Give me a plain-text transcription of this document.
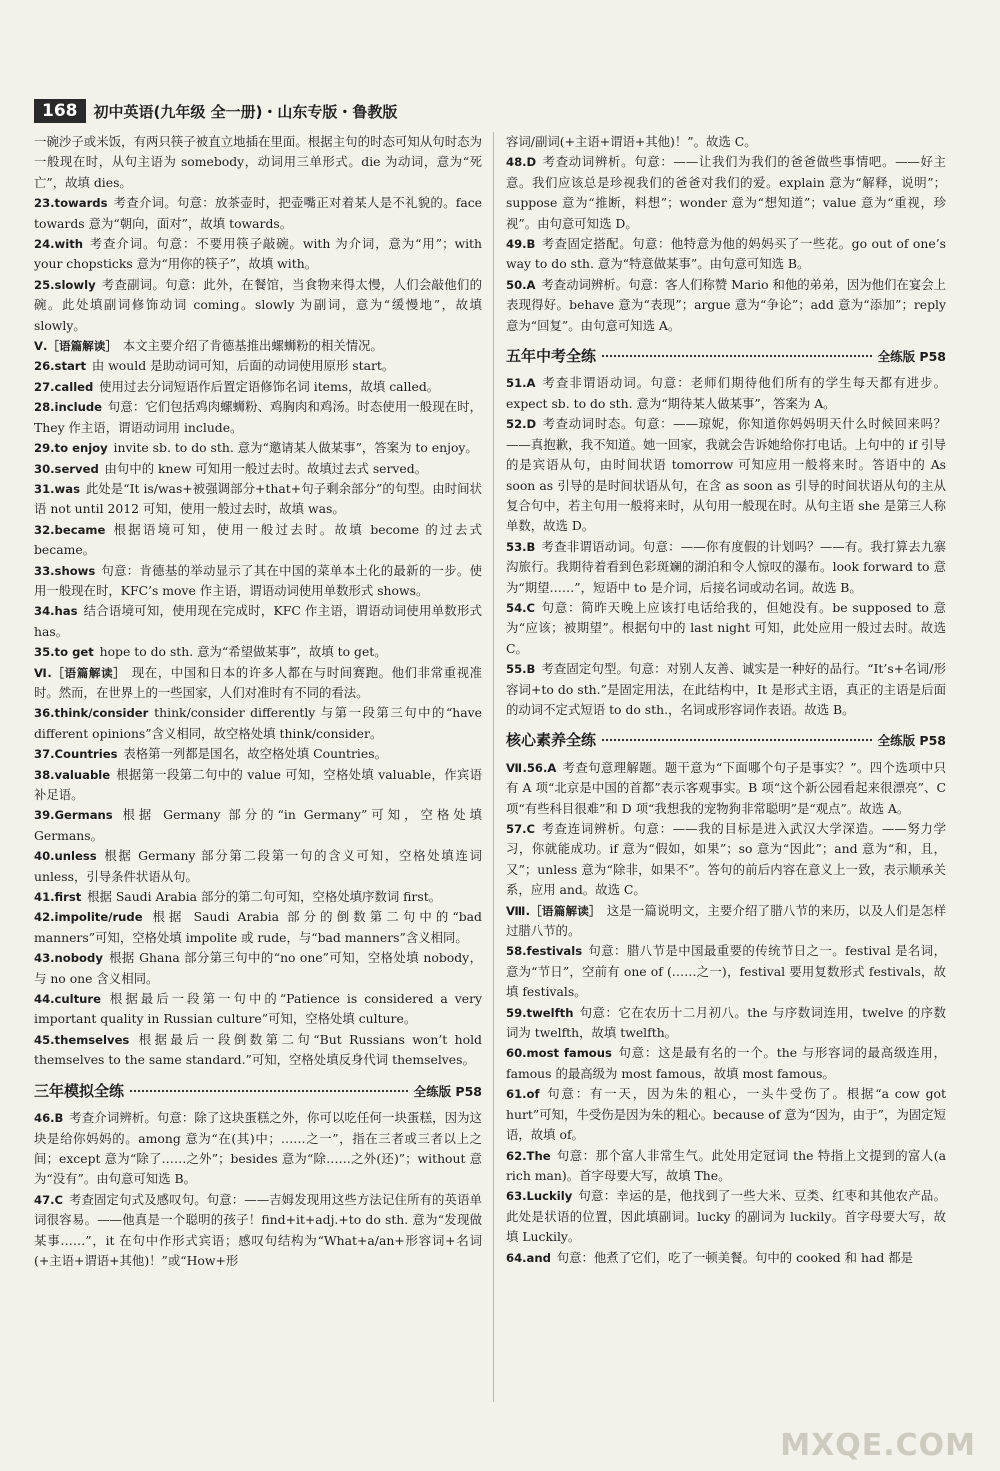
168	初中英语(九年级 全一册)・山东专版・鲁教版

一碗沙子或米饭，有两只筷子被直立地插在里面。根据主句的时态可知从句时态为一般现在时，从句主语为 somebody，动词用三单形式。die 为动词，意为“死亡”，故填 dies。

23.towards 考查介词。句意：放茶壶时，把壶嘴正对着某人是不礼貌的。face towards 意为“朝向，面对”，故填 towards。

24.with 考查介词。句意：不要用筷子敲碗。with 为介词，意为“用”；with your chopsticks 意为“用你的筷子”，故填 with。

25.slowly 考查副词。句意：此外，在餐馆，当食物来得太慢，人们会敲他们的碗。此处填副词修饰动词 coming。slowly 为副词，意为“缓慢地”，故填 slowly。

Ⅴ.［语篇解读］ 本文主要介绍了肯德基推出螺蛳粉的相关情况。

26.start 由 would 是助动词可知，后面的动词使用原形 start。

27.called 使用过去分词短语作后置定语修饰名词 items，故填 called。

28.include 句意：它们包括鸡肉螺蛳粉、鸡胸肉和鸡汤。时态使用一般现在时，They 作主语，谓语动词用 include。

29.to enjoy invite sb. to do sth. 意为“邀请某人做某事”，答案为 to enjoy。

30.served 由句中的 knew 可知用一般过去时。故填过去式 served。

31.was 此处是“It is/was+被强调部分+that+句子剩余部分”的句型。由时间状语 not until 2012 可知，使用一般过去时，故填 was。

32.became 根据语境可知，使用一般过去时。故填 become 的过去式 became。

33.shows 句意：肯德基的举动显示了其在中国的菜单本土化的最新的一步。使用一般现在时，KFC’s move 作主语，谓语动词使用单数形式 shows。

34.has 结合语境可知，使用现在完成时，KFC 作主语，谓语动词使用单数形式 has。

35.to get hope to do sth. 意为“希望做某事”，故填 to get。

Ⅵ.［语篇解读］ 现在，中国和日本的许多人都在与时间赛跑。他们非常重视准时。然而，在世界上的一些国家，人们对准时有不同的看法。

36.think/consider think/consider differently 与第一段第三句中的“have different opinions”含义相同，故空格处填 think/consider。

37.Countries 表格第一列都是国名，故空格处填 Countries。

38.valuable 根据第一段第二句中的 value 可知，空格处填 valuable，作宾语补足语。

39.Germans 根据 Germany 部分的“in Germany”可知，空格处填 Germans。

40.unless 根据 Germany 部分第二段第一句的含义可知，空格处填连词 unless，引导条件状语从句。

41.first 根据 Saudi Arabia 部分的第二句可知，空格处填序数词 first。

42.impolite/rude 根据 Saudi Arabia 部分的倒数第二句中的“bad manners”可知，空格处填 impolite 或 rude，与“bad manners”含义相同。

43.nobody 根据 Ghana 部分第三句中的“no one”可知，空格处填 nobody，与 no one 含义相同。

44.culture 根据最后一段第一句中的“Patience is considered a very important quality in Russian culture”可知，空格处填 culture。

45.themselves 根据最后一段倒数第二句“But Russians won’t hold themselves to the same standard.”可知，空格处填反身代词 themselves。

三年模拟全练	全练版 P58

46.B 考查介词辨析。句意：除了这块蛋糕之外，你可以吃任何一块蛋糕，因为这块是给你妈妈的。among 意为“在(其)中；……之一”，指在三者或三者以上之间；except 意为“除了……之外”；besides 意为“除……之外(还)”；without 意为“没有”。由句意可知选 B。

47.C 考查固定句式及感叹句。句意：——吉姆发现用这些方法记住所有的英语单词很容易。——他真是一个聪明的孩子！find+it+adj.+to do sth. 意为“发现做某事……”，it 在句中作形式宾语；感叹句结构为“What+a/an+形容词+名词(+主语+谓语+其他)！”或“How+形

容词/副词(+主语+谓语+其他)！”。故选 C。

48.D 考查动词辨析。句意：——让我们为我们的爸爸做些事情吧。——好主意。我们应该总是珍视我们的爸爸对我们的爱。explain 意为“解释，说明”；suppose 意为“推断，料想”；wonder 意为“想知道”；value 意为“重视，珍视”。由句意可知选 D。

49.B 考查固定搭配。句意：他特意为他的妈妈买了一些花。go out of one’s way to do sth. 意为“特意做某事”。由句意可知选 B。

50.A 考查动词辨析。句意：客人们称赞 Mario 和他的弟弟，因为他们在宴会上表现得好。behave 意为“表现”；argue 意为“争论”；add 意为“添加”；reply 意为“回复”。由句意可知选 A。

五年中考全练	全练版 P58

51.A 考查非谓语动词。句意：老师们期待他们所有的学生每天都有进步。expect sb. to do sth. 意为“期待某人做某事”，答案为 A。

52.D 考查动词时态。句意：——琼妮，你知道你妈妈明天什么时候回来吗？——真抱歉，我不知道。她一回家，我就会告诉她给你打电话。上句中的 if 引导的是宾语从句，由时间状语 tomorrow 可知应用一般将来时。答语中的 As soon as 引导的是时间状语从句，在含 as soon as 引导的时间状语从句的主从复合句中，若主句用一般将来时，从句用一般现在时。从句主语 she 是第三人称单数，故选 D。

53.B 考查非谓语动词。句意：——你有度假的计划吗？——有。我打算去九寨沟旅行。我期待着看到色彩斑斓的湖泊和令人惊叹的瀑布。look forward to 意为“期望……”，短语中 to 是介词，后接名词或动名词。故选 B。

54.C 句意：简昨天晚上应该打电话给我的，但她没有。be supposed to 意为“应该；被期望”。根据句中的 last night 可知，此处应用一般过去时。故选 C。

55.B 考查固定句型。句意：对别人友善、诚实是一种好的品行。“It’s+名词/形容词+to do sth.”是固定用法，在此结构中，It 是形式主语，真正的主语是后面的动词不定式短语 to do sth.，名词或形容词作表语。故选 B。

核心素养全练	全练版 P58

Ⅶ.56.A 考查句意理解题。题干意为“下面哪个句子是事实？”。四个选项中只有 A 项“北京是中国的首都”表示客观事实。B 项“这个新公园看起来很漂亮”、C 项“有些科目很难”和 D 项“我想我的宠物狗非常聪明”是“观点”。故选 A。

57.C 考查连词辨析。句意：——我的目标是进入武汉大学深造。——努力学习，你就能成功。if 意为“假如，如果”；so 意为“因此”；and 意为“和，且，又”；unless 意为“除非，如果不”。答句的前后内容在意义上一致，表示顺承关系，应用 and。故选 C。

Ⅷ.［语篇解读］ 这是一篇说明文，主要介绍了腊八节的来历，以及人们是怎样过腊八节的。

58.festivals 句意：腊八节是中国最重要的传统节日之一。festival 是名词，意为“节日”，空前有 one of (……之一)，festival 要用复数形式 festivals，故填 festivals。

59.twelfth 句意：它在农历十二月初八。the 与序数词连用，twelve 的序数词为 twelfth，故填 twelfth。

60.most famous 句意：这是最有名的一个。the 与形容词的最高级连用，famous 的最高级为 most famous，故填 most famous。

61.of 句意：有一天，因为朱的粗心，一头牛受伤了。根据“a cow got hurt”可知，牛受伤是因为朱的粗心。because of 意为“因为，由于”，为固定短语，故填 of。

62.The 句意：那个富人非常生气。此处用定冠词 the 特指上文提到的富人(a rich man)。首字母要大写，故填 The。

63.Luckily 句意：幸运的是，他找到了一些大米、豆类、红枣和其他农产品。此处是状语的位置，因此填副词。lucky 的副词为 luckily。首字母要大写，故填 Luckily。

64.and 句意：他煮了它们，吃了一顿美餐。句中的 cooked 和 had 都是

MXQE.COM
